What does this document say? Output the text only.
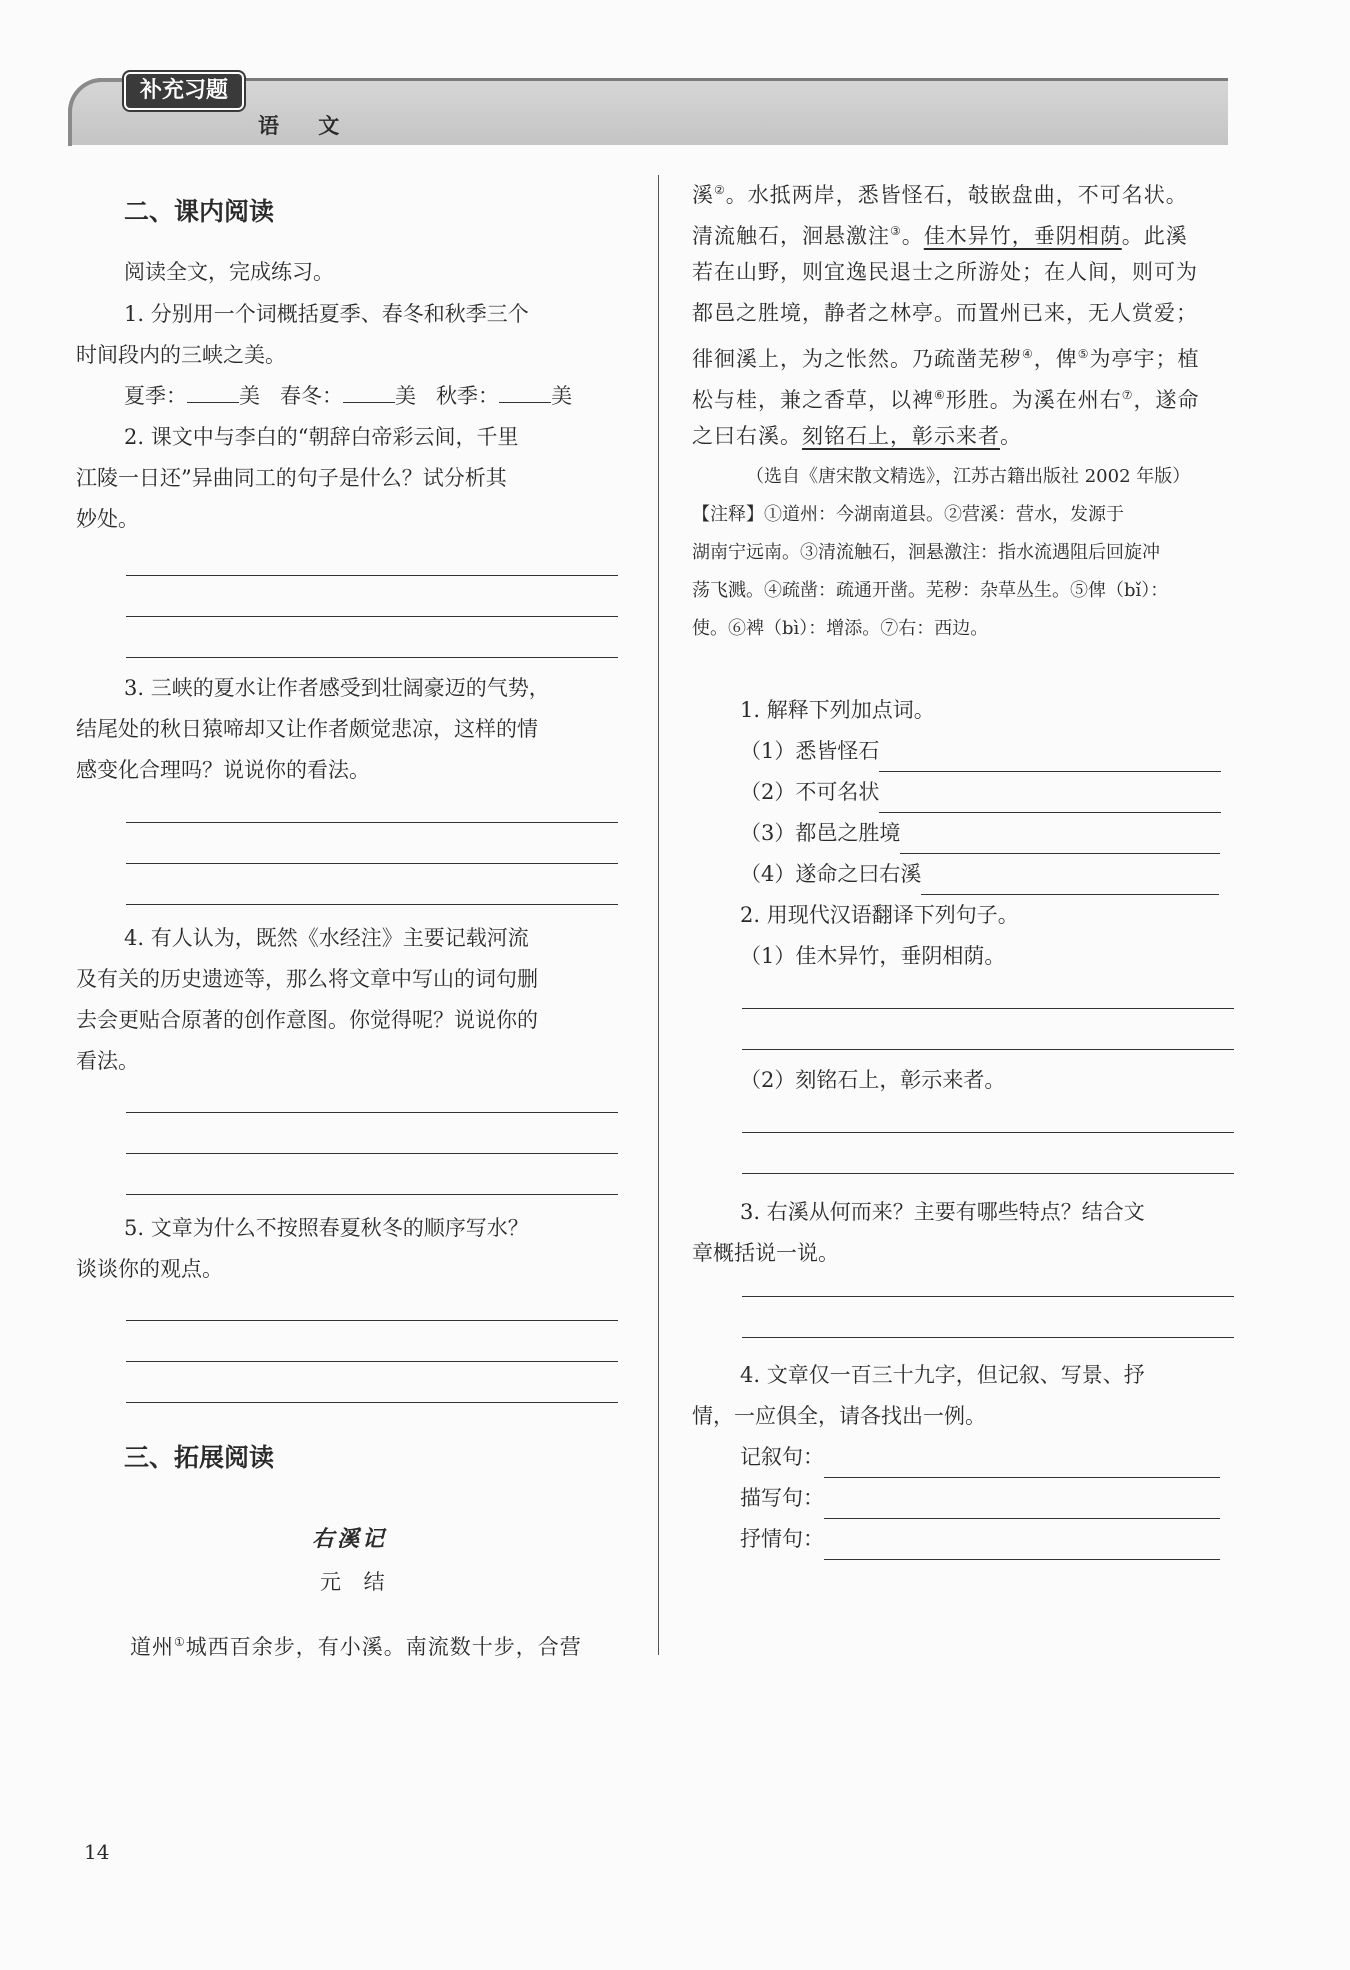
补充习题
语 文
二、课内阅读
阅读全文，完成练习。
1. 分别用一个词概括夏季、春冬和秋季三个
时间段内的三峡之美。
夏季： 美 春冬： 美 秋季： 美
2. 课文中与李白的“朝辞白帝彩云间，千里
江陵一日还”异曲同工的句子是什么？试分析其
妙处。
3. 三峡的夏水让作者感受到壮阔豪迈的气势，
结尾处的秋日猿啼却又让作者颇觉悲凉，这样的情
感变化合理吗？说说你的看法。
4. 有人认为，既然《水经注》主要记载河流
及有关的历史遗迹等，那么将文章中写山的词句删
去会更贴合原著的创作意图。你觉得呢？说说你的
看法。
5. 文章为什么不按照春夏秋冬的顺序写水？
谈谈你的观点。
三、拓展阅读
右溪记
元 结
道州①城西百余步，有小溪。南流数十步，合营
溪②。水抵两岸，悉皆怪石，攲嵌盘曲，不可名状。
清流触石，洄悬激注③。佳木异竹，垂阴相荫。此溪
若在山野，则宜逸民退士之所游处；在人间，则可为
都邑之胜境，静者之林亭。而置州已来，无人赏爱；
徘徊溪上，为之怅然。乃疏凿芜秽④，俾⑤为亭宇；植
松与桂，兼之香草，以裨⑥形胜。为溪在州右⑦，遂命
之曰右溪。刻铭石上，彰示来者。
（选自《唐宋散文精选》，江苏古籍出版社 2002 年版）
【注释】①道州：今湖南道县。②营溪：营水，发源于
湖南宁远南。③清流触石，洄悬激注：指水流遇阻后回旋冲
荡飞溅。④疏凿：疏通开凿。芜秽：杂草丛生。⑤俾（bǐ）：
使。⑥裨（bì）：增添。⑦右：西边。
1. 解释下列加点词。
（1）悉皆怪石
（2）不可名状
（3）都邑之胜境
（4）遂命之曰右溪
2. 用现代汉语翻译下列句子。
（1）佳木异竹，垂阴相荫。
（2）刻铭石上，彰示来者。
3. 右溪从何而来？主要有哪些特点？结合文
章概括说一说。
4. 文章仅一百三十九字，但记叙、写景、抒
情，一应俱全，请各找出一例。
记叙句：
描写句：
抒情句：
14
